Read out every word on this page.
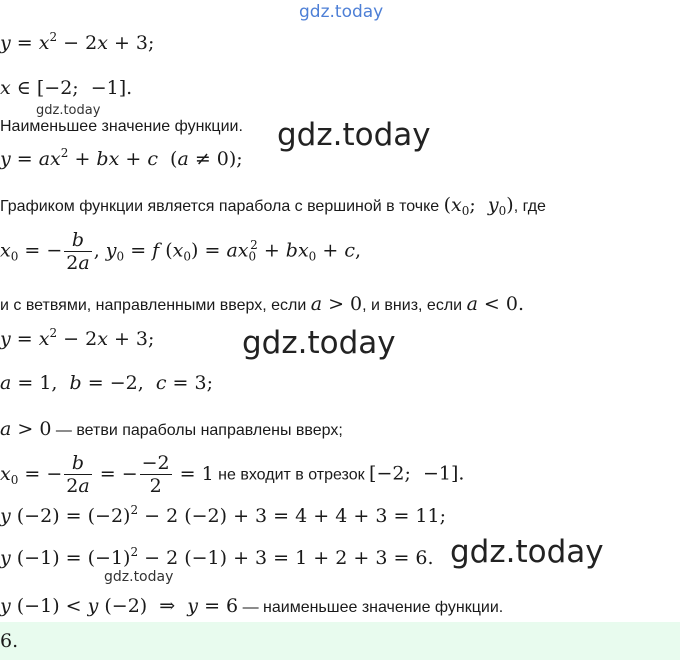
gdz.today
gdz.today
gdz.today
gdz.today
gdz.today
gdz.today
$y = x^2 - 2x + 3$;
x ∈ [−2;  −1].
Наименьшее значение функции.
$y = ax^2$ + bx + c  (a ≠ 0);
Графиком функции является парабола с вершиной в точке ($x_0$;  $y_0$), где
$x_0$ = − $\frac{b}{2a}$ , $y_0 = f$ $(x_0) = ax_0^2 + bx_0 + c$,
и с ветвями, направленными вверх, если a > 0, и вниз, если a < 0.
$y = x^2 - 2x + 3$;
a = 1,  b = −2,  c = 3;
a > 0 — ветви параболы направлены вверх;
$x_0$ = − $\frac{b}{2a}$ = − $\frac{-2}{2} = 1$ не входит в отрезок [−2;  −1].
y $(-2) = (-2)^2 - 2$ (−2) + 3 = 4 + 4 + 3 = 11;
y $(-1) = (-1)^2 - 2$ (−1) + 3 = 1 + 2 + 3 = 6.
y (−1) < y (−2)  ⇒  y = 6 — наименьшее значение функции.
6.
